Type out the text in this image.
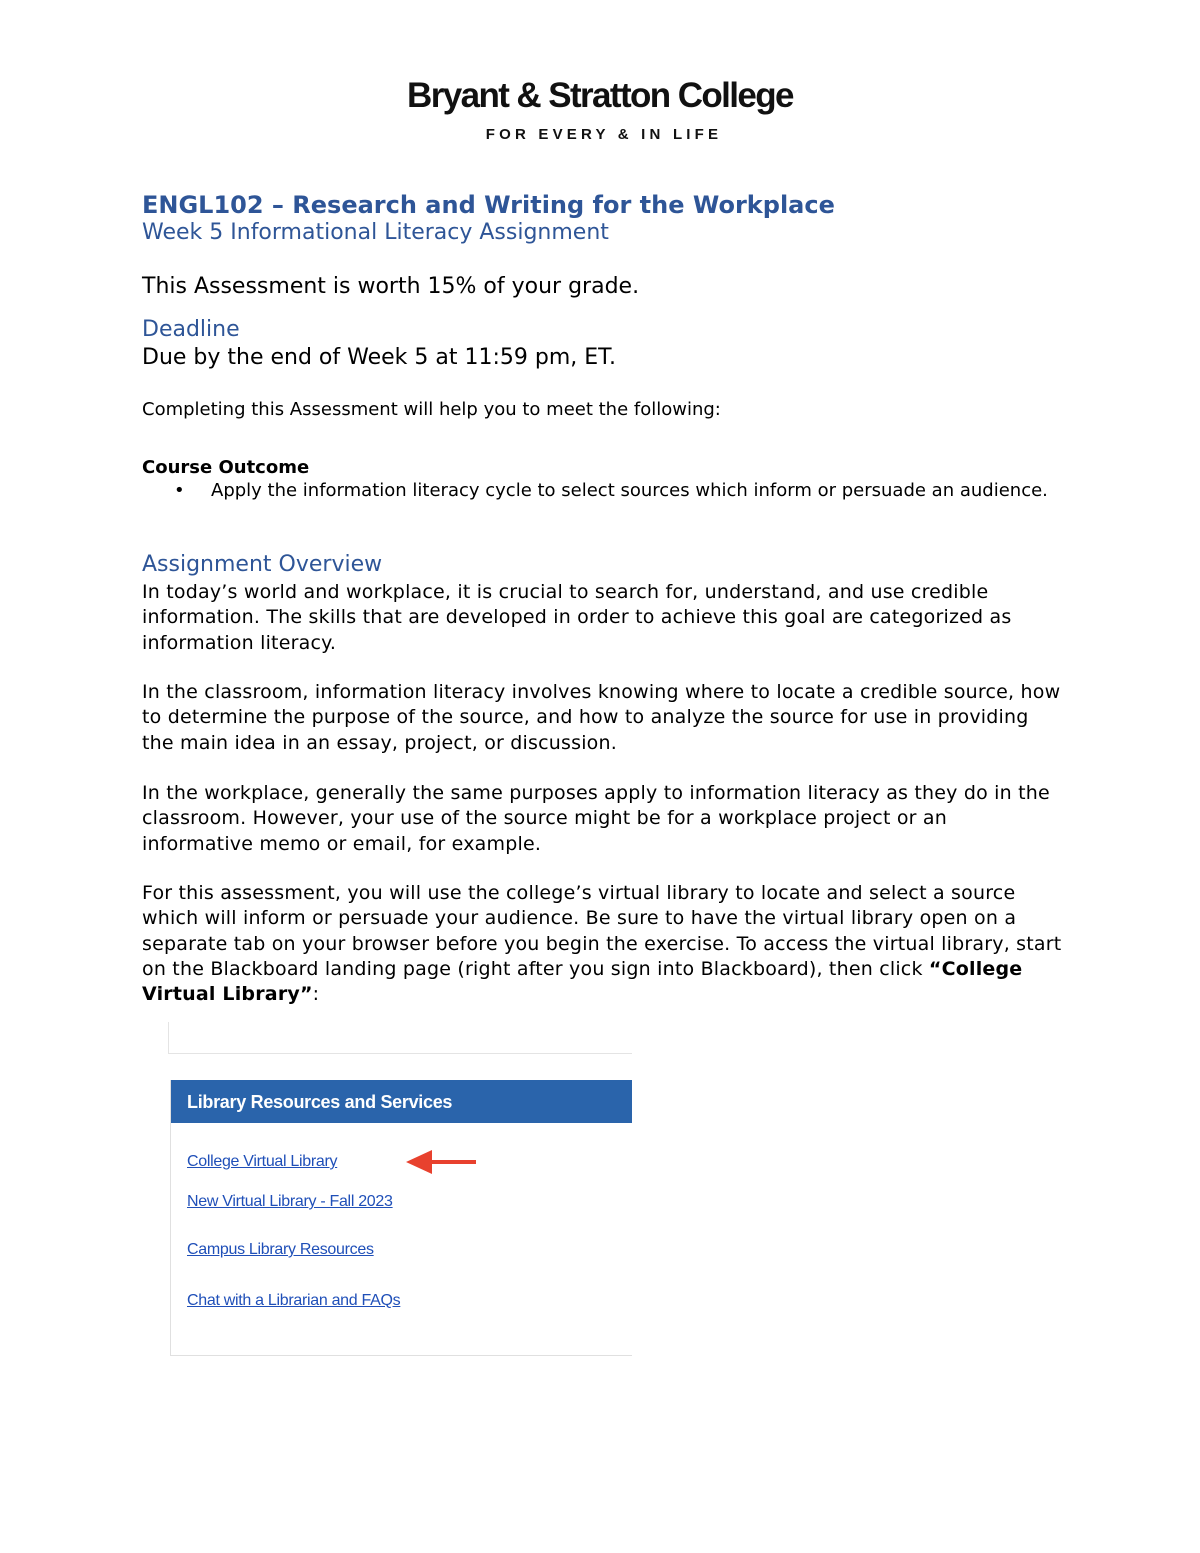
Bryant & Stratton College
FOR EVERY & IN LIFE
ENGL102 – Research and Writing for the Workplace
Week 5 Informational Literacy Assignment
This Assessment is worth 15% of your grade.
Deadline
Due by the end of Week 5 at 11:59 pm, ET.
Completing this Assessment will help you to meet the following:
Course Outcome
• Apply the information literacy cycle to select sources which inform or persuade an audience.
Assignment Overview
In today’s world and workplace, it is crucial to search for, understand, and use credible information. The skills that are developed in order to achieve this goal are categorized as information literacy.
In the classroom, information literacy involves knowing where to locate a credible source, how to determine the purpose of the source, and how to analyze the source for use in providing the main idea in an essay, project, or discussion.
In the workplace, generally the same purposes apply to information literacy as they do in the classroom. However, your use of the source might be for a workplace project or an informative memo or email, for example.
For this assessment, you will use the college’s virtual library to locate and select a source which will inform or persuade your audience. Be sure to have the virtual library open on a separate tab on your browser before you begin the exercise. To access the virtual library, start on the Blackboard landing page (right after you sign into Blackboard), then click “College Virtual Library”:
Library Resources and Services
College Virtual Library
New Virtual Library - Fall 2023
Campus Library Resources
Chat with a Librarian and FAQs
